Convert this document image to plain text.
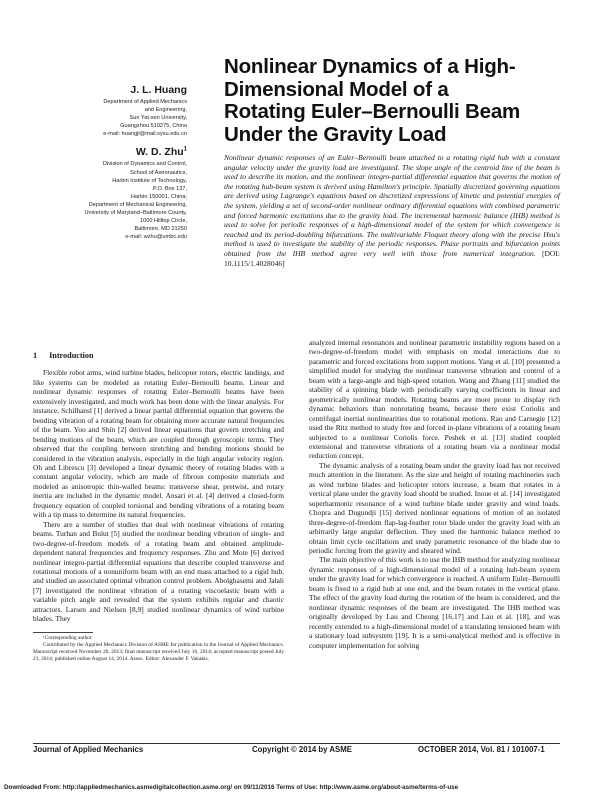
J. L. Huang
Department of Applied Mechanics
and Engineering,
Sun Yat-sen University,
Guangzhou 510275, China
e-mail: huangjl@mail.sysu.edu.cn
W. D. Zhu$^1$
Division of Dynamics and Control,
School of Astronautics,
Harbin Institute of Technology,
P.O. Box 137,
Harbin 150001, China;
Department of Mechanical Engineering,
University of Maryland–Baltimore County,
1000 Hilltop Circle,
Baltimore, MD 21250
e-mail: wzhu@umbc.edu
Nonlinear Dynamics of a High-Dimensional Model of a Rotating Euler–Bernoulli Beam Under the Gravity Load
Nonlinear dynamic responses of an Euler–Bernoulli beam attached to a rotating rigid hub with a constant angular velocity under the gravity load are investigated. The slope angle of the centroid line of the beam is used to describe its motion, and the nonlinear integro-partial differential equation that governs the motion of the rotating hub-beam system is derived using Hamilton's principle. Spatially discretized governing equations are derived using Lagrange's equations based on discretized expressions of kinetic and potential energies of the system, yielding a set of second-order nonlinear ordinary differential equations with combined parametric and forced harmonic excitations due to the gravity load. The incremental harmonic balance (IHB) method is used to solve for periodic responses of a high-dimensional model of the system for which convergence is reached and its period-doubling bifurcations. The multivariable Floquet theory along with the precise Hsu's method is used to investigate the stability of the periodic responses. Phase portraits and bifurcation points obtained from the IHB method agree very well with those from numerical integration. [DOI: 10.1115/1.4028046]
1 Introduction

Flexible robot arms, wind turbine blades, helicopter rotors, electric landings, and like systems can be modeled as rotating Euler–Bernoulli beams. Linear and nonlinear dynamic responses of rotating Euler–Bernoulli beams have been extensively investigated, and much work has been done with the linear analysis. For instance, Schilhansl [1] derived a linear partial differential equation that governs the bending vibration of a rotating beam for obtaining more accurate natural frequencies of the beam. Yoo and Shin [2] derived linear equations that govern stretching and bending motions of the beam, which are coupled through gyroscopic terms. They observed that the coupling between stretching and bending motions should be considered in the vibration analysis, especially in the high angular velocity region. Oh and Librescu [3] developed a linear dynamic theory of rotating blades with a constant angular velocity, which are made of fibrous composite materials and modeled as anisotropic thin-walled beams: transverse shear, pretwist, and rotary inertia are included in the dynamic model. Ansari et al. [4] derived a closed-form frequency equation of coupled torsional and bending vibrations of a rotating beam with a tip mass to determine its natural frequencies.

There are a number of studies that deal with nonlinear vibrations of rotating beams. Turhan and Bulut [5] studied the nonlinear bending vibration of single- and two-degree-of-freedom models of a rotating beam and obtained amplitude-dependent natural frequencies and frequency responses. Zhu and Mote [6] derived nonlinear integro-partial differential equations that describe coupled transverse and rotational motions of a nonuniform beam with an end mass attached to a rigid hub, and studied an associated optimal vibration control problem. Abolghasemi and Jalali [7] investigated the nonlinear vibration of a rotating viscoelastic beam with a variable pitch angle and revealed that the system exhibits regular and chaotic attractors. Larsen and Nielsen [8,9] studied nonlinear dynamics of wind turbine blades. They

¹Corresponding author.

Contributed by the Applied Mechanics Division of ASME for publication in the Journal of Applied Mechanics. Manuscript received November 20, 2013; final manuscript received July 16, 2014; accepted manuscript posted July 21, 2014; published online August 14, 2014. Assoc. Editor: Alexander F. Vakakis.

analyzed internal resonances and nonlinear parametric instability regions based on a two-degree-of-freedom model with emphasis on modal interactions due to parametric and forced excitations from support motions. Yang et al. [10] presented a simplified model for studying the nonlinear transverse vibration and control of a beam with a large-angle and high-speed rotation. Wang and Zhang [11] studied the stability of a spinning blade with periodically varying coefficients in linear and geometrically nonlinear models. Rotating beams are more prone to display rich dynamic behaviors than nonrotating beams, because there exist Coriolis and centrifugal inertial nonlinearities due to rotational motions. Rao and Carnegie [12] used the Ritz method to study free and forced in-plane vibrations of a rotating beam subjected to a nonlinear Coriolis force. Peshek et al. [13] studied coupled extensional and transverse vibrations of a rotating beam via a nonlinear modal reduction concept.

The dynamic analysis of a rotating beam under the gravity load has not received much attention in the literature. As the size and height of rotating machineries such as wind turbine blades and helicopter rotors increase, a beam that rotates in a vertical plane under the gravity load should be studied. Inoue et al. [14] investigated superharmonic resonance of a wind turbine blade under gravity and wind loads. Chopra and Dugundji [15] derived nonlinear equations of motion of an isolated three-degree-of-freedom flap-lag-feather rotor blade under the gravity load with an arbitrarily large angular deflection. They used the harmonic balance method to obtain limit cycle oscillations and study parametric resonance of the blade due to periodic forcing from the gravity and sheared wind.

The main objective of this work is to use the IHB method for analyzing nonlinear dynamic responses of a high-dimensional model of a rotating hub-beam system under the gravity load for which convergence is reached. A uniform Euler–Bernoulli beam is fixed to a rigid hub at one end, and the beam rotates in the vertical plane. The effect of the gravity load during the rotation of the beam is considered, and the nonlinear dynamic responses of the beam are investigated. The IHB method was originally developed by Lau and Cheung [16,17] and Lau et al. [18], and was recently extended to a high-dimensional model of a translating tensioned beam with a stationary load subsystem [19]. It is a semi-analytical method and is effective in computer implementation for solving

Journal of Applied Mechanics	Copyright © 2014 by ASME	OCTOBER 2014, Vol. 81 / 101007-1
Downloaded From: http://appliedmechanics.asmedigitalcollection.asme.org/ on 09/11/2016 Terms of Use: http://www.asme.org/about-asme/terms-of-use
